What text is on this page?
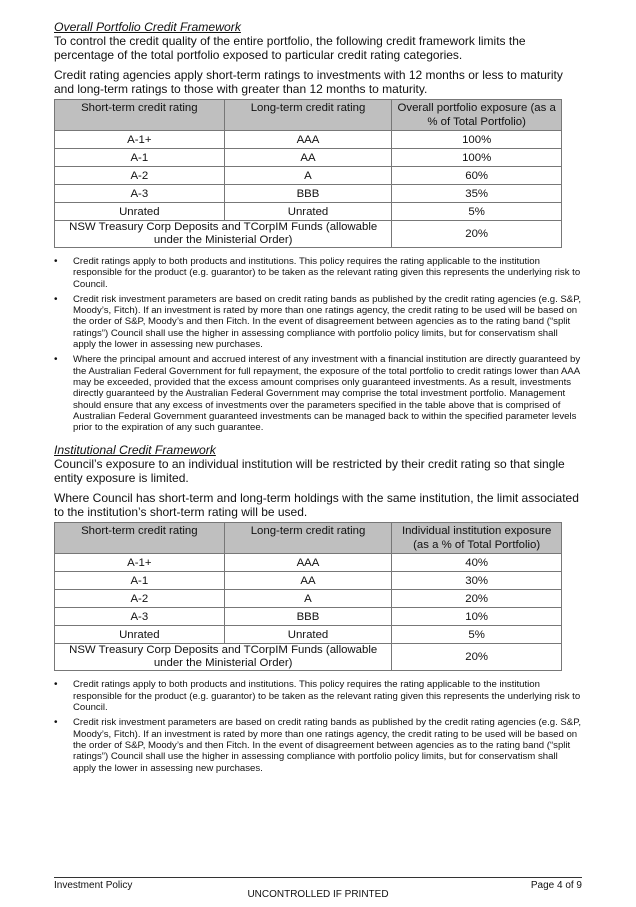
Overall Portfolio Credit Framework

To control the credit quality of the entire portfolio, the following credit framework limits the percentage of the total portfolio exposed to particular credit rating categories.

Credit rating agencies apply short-term ratings to investments with 12 months or less to maturity and long-term ratings to those with greater than 12 months to maturity.

Short-term credit rating	Long-term credit rating	Overall portfolio exposure (as a % of Total Portfolio)
A-1+	AAA	100%
A-1	AA	100%
A-2	A	60%
A-3	BBB	35%
Unrated	Unrated	5%
NSW Treasury Corp Deposits and TCorpIM Funds (allowable under the Ministerial Order)		20%
• Credit ratings apply to both products and institutions. This policy requires the rating applicable to the institution responsible for the product (e.g. guarantor) to be taken as the relevant rating given this represents the underlying risk to Council.
• Credit risk investment parameters are based on credit rating bands as published by the credit rating agencies (e.g. S&P, Moody’s, Fitch). If an investment is rated by more than one ratings agency, the credit rating to be used will be based on the order of S&P, Moody’s and then Fitch. In the event of disagreement between agencies as to the rating band (“split ratings”) Council shall use the higher in assessing compliance with portfolio policy limits, but for conservatism shall apply the lower in assessing new purchases.
• Where the principal amount and accrued interest of any investment with a financial institution are directly guaranteed by the Australian Federal Government for full repayment, the exposure of the total portfolio to credit ratings lower than AAA may be exceeded, provided that the excess amount comprises only guaranteed investments. As a result, investments directly guaranteed by the Australian Federal Government may comprise the total investment portfolio. Management should ensure that any excess of investments over the parameters specified in the table above that is comprised of Australian Federal Government guaranteed investments can be managed back to within the specified parameter levels prior to the expiration of any such guarantee.

Institutional Credit Framework

Council’s exposure to an individual institution will be restricted by their credit rating so that single entity exposure is limited.

Where Council has short-term and long-term holdings with the same institution, the limit associated to the institution’s short-term rating will be used.

Short-term credit rating	Long-term credit rating	Individual institution exposure (as a % of Total Portfolio)
A-1+	AAA	40%
A-1	AA	30%
A-2	A	20%
A-3	BBB	10%
Unrated	Unrated	5%
NSW Treasury Corp Deposits and TCorpIM Funds (allowable under the Ministerial Order)		20%
• Credit ratings apply to both products and institutions. This policy requires the rating applicable to the institution responsible for the product (e.g. guarantor) to be taken as the relevant rating given this represents the underlying risk to Council.
• Credit risk investment parameters are based on credit rating bands as published by the credit rating agencies (e.g. S&P, Moody’s, Fitch). If an investment is rated by more than one ratings agency, the credit rating to be used will be based on the order of S&P, Moody’s and then Fitch. In the event of disagreement between agencies as to the rating band (“split ratings”) Council shall use the higher in assessing compliance with portfolio policy limits, but for conservatism shall apply the lower in assessing new purchases.
Investment Policy	Page 4 of 9
UNCONTROLLED IF PRINTED
